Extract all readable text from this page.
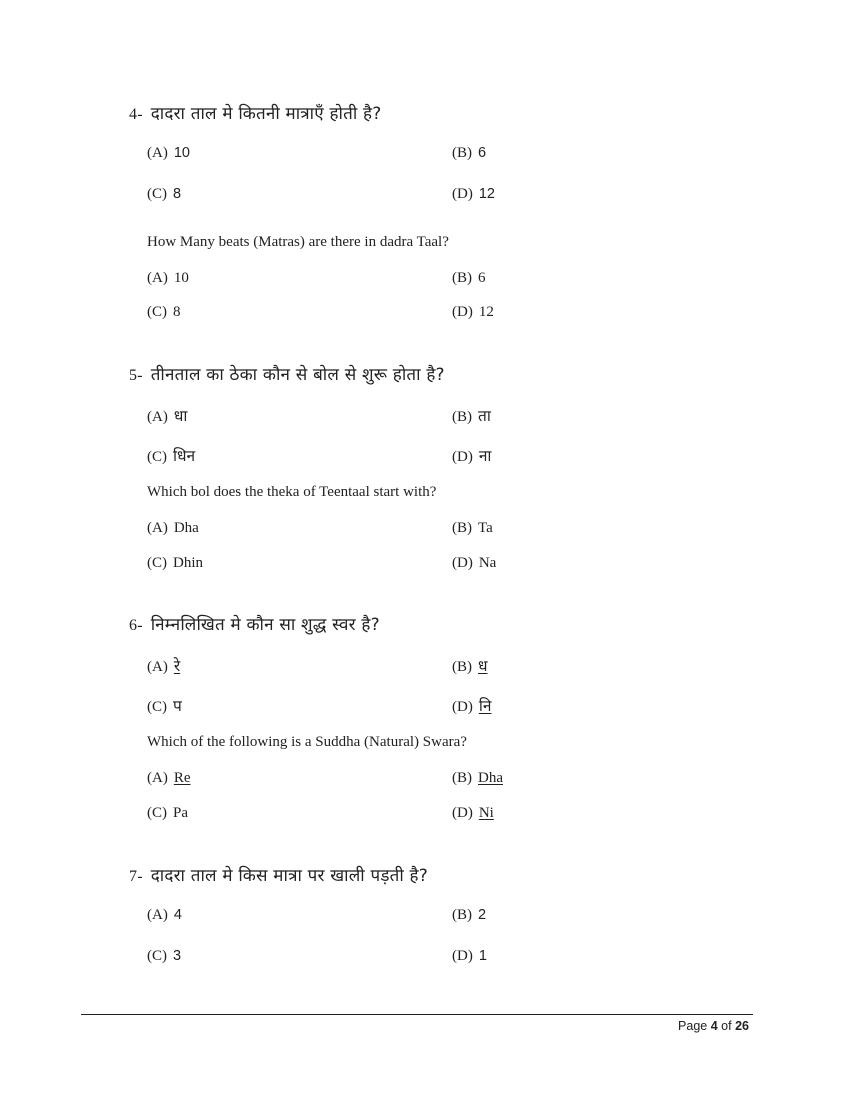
4- दादरा ताल मे कितनी मात्राएँ होती है?
(A) 10	(B) 6
(C) 8	(D) 12
How Many beats (Matras) are there in dadra Taal?
(A) 10	(B) 6
(C) 8	(D) 12
5- तीनताल का ठेका कौन से बोल से शुरू होता है?
(A) धा	(B) ता
(C) धिन	(D) ना
Which bol does the theka of Teentaal start with?
(A) Dha	(B) Ta
(C) Dhin	(D) Na
6- निम्नलिखित मे कौन सा शुद्ध स्वर है?
(A) रे	(B) ध
(C) प	(D) नि
Which of the following is a Suddha (Natural) Swara?
(A) Re	(B) Dha
(C) Pa	(D) Ni
7- दादरा ताल मे किस मात्रा पर खाली पड़ती है?
(A) 4	(B) 2
(C) 3	(D) 1
Page 4 of 26
